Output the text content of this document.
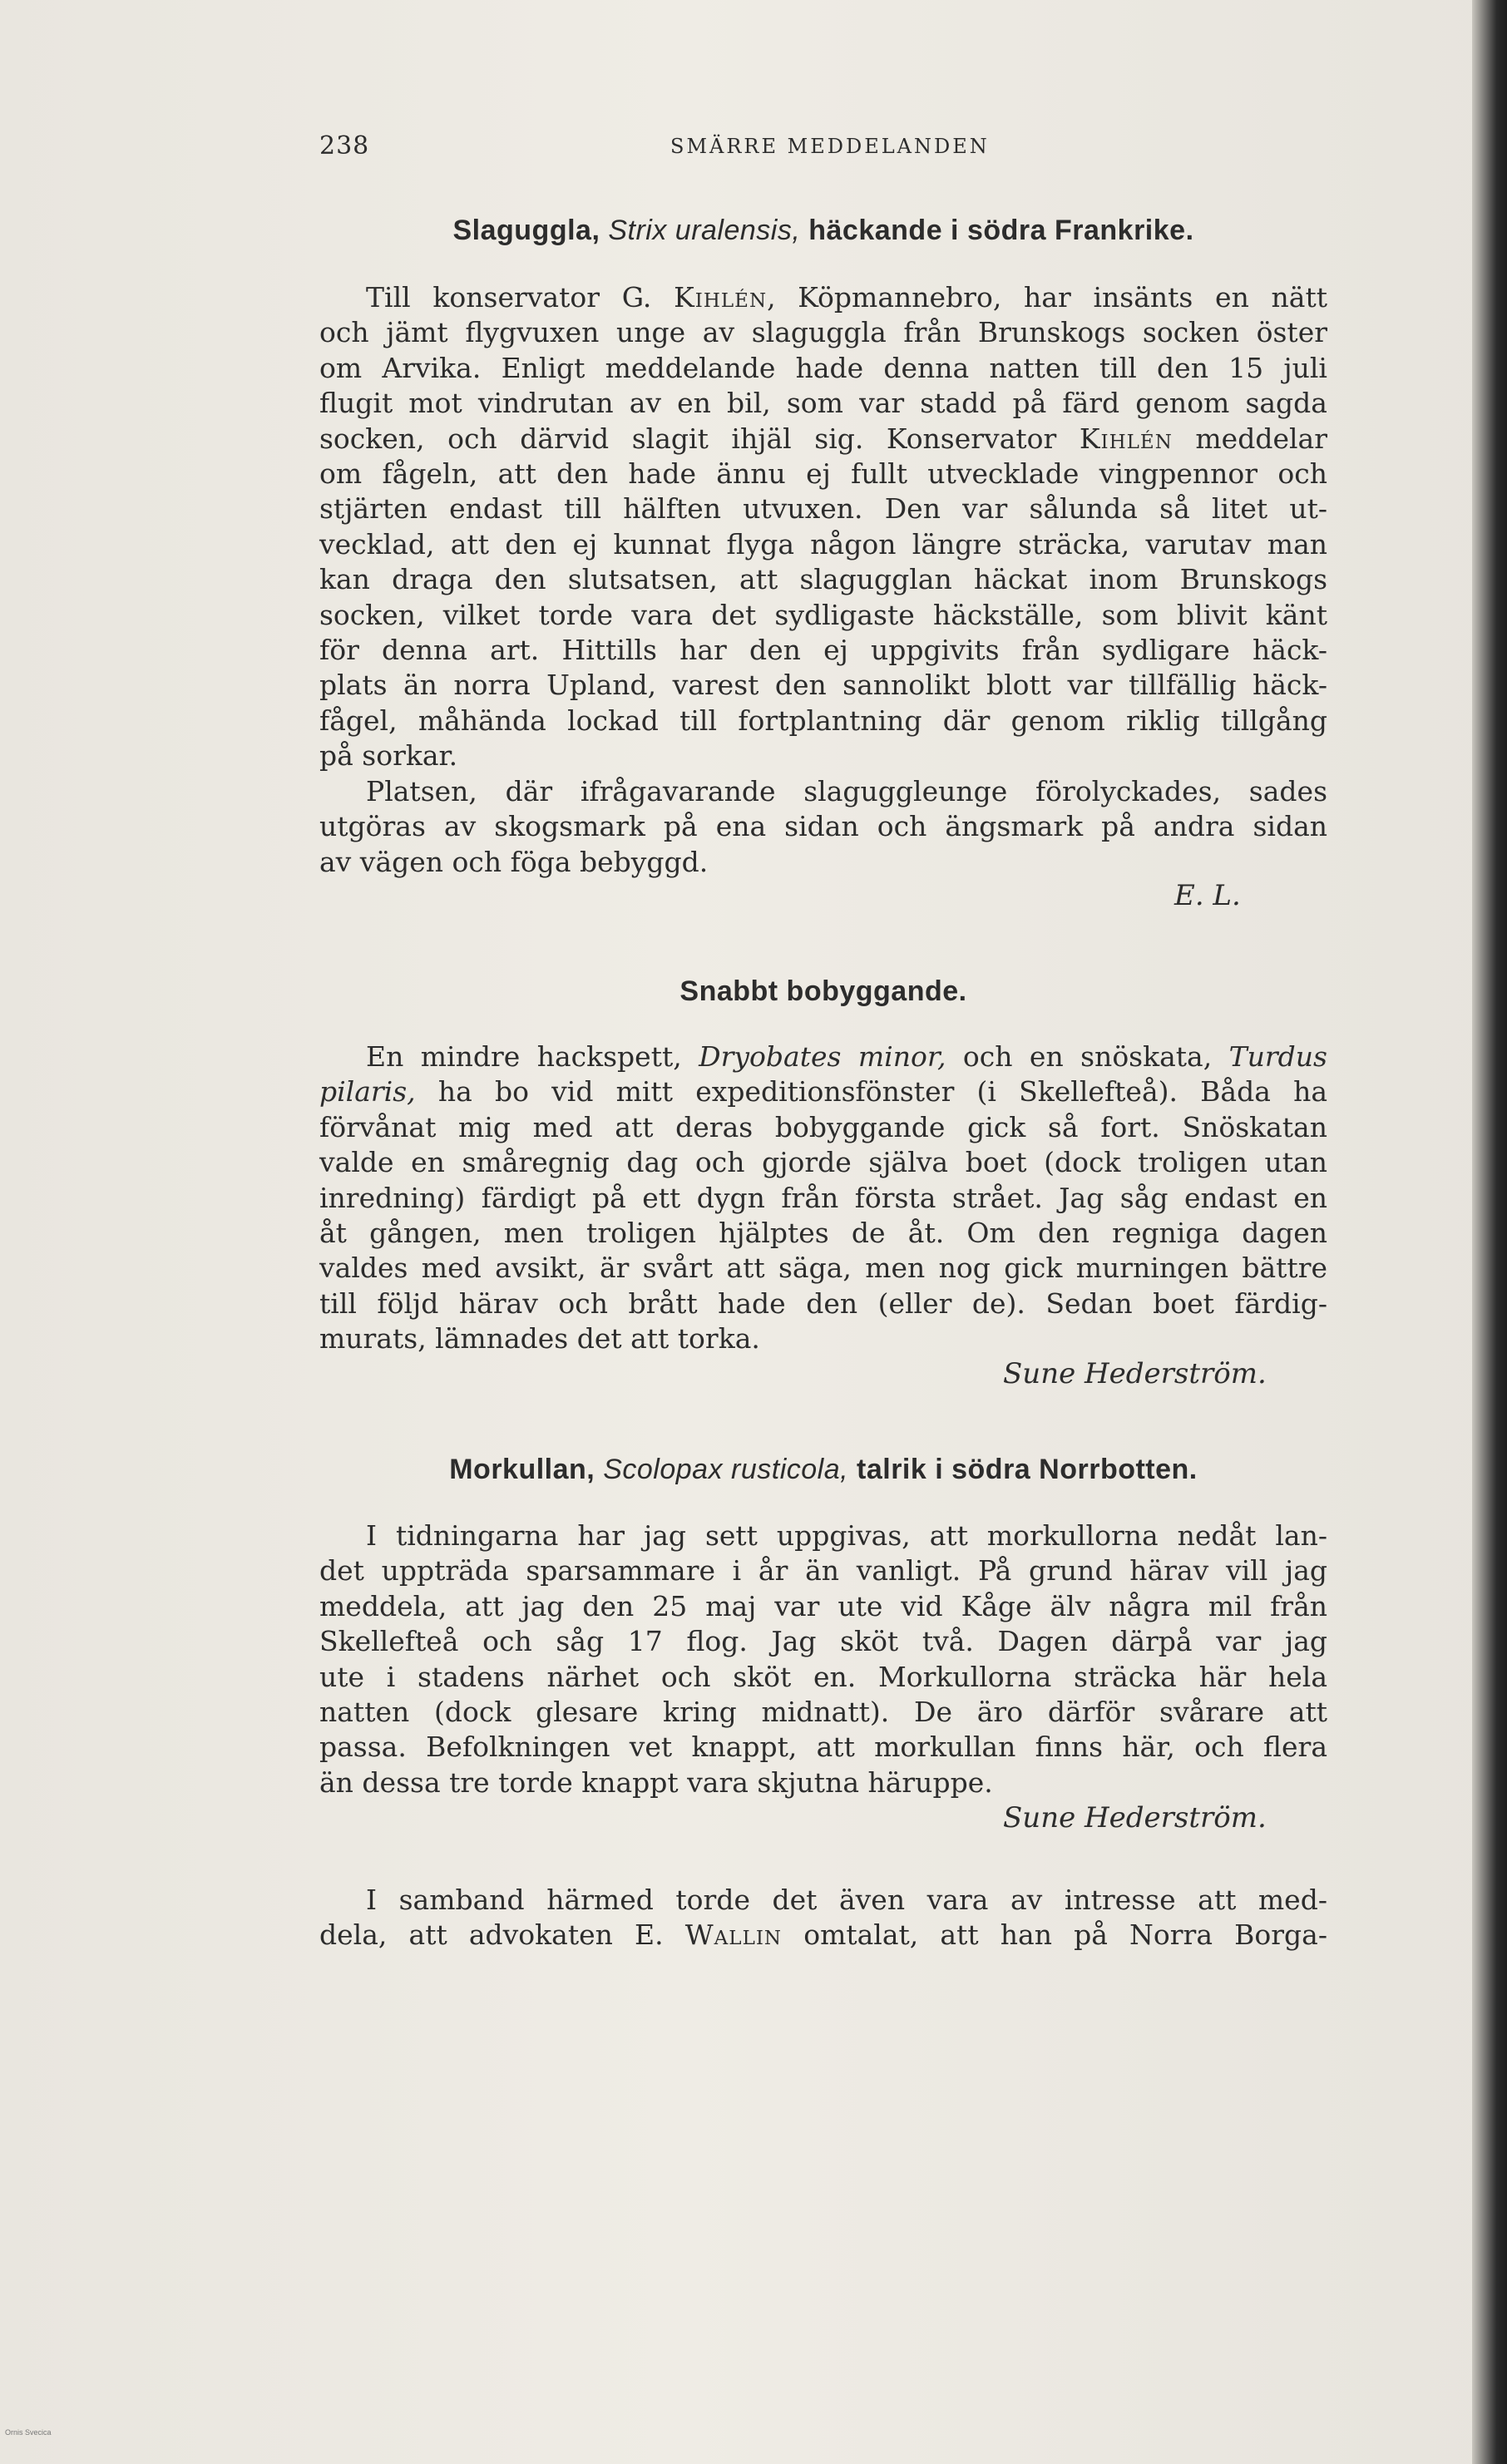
238	SMÄRRE MEDDELANDEN
Slaguggla, Strix uralensis, häckande i södra Frankrike.
Till konservator G. Kihlén, Köpmannebro, har insänts en nätt
och jämt flygvuxen unge av slaguggla från Brunskogs socken öster
om Arvika. Enligt meddelande hade denna natten till den 15 juli
flugit mot vindrutan av en bil, som var stadd på färd genom sagda
socken, och därvid slagit ihjäl sig. Konservator Kihlén meddelar
om fågeln, att den hade ännu ej fullt utvecklade vingpennor och
stjärten endast till hälften utvuxen. Den var sålunda så litet ut-
vecklad, att den ej kunnat flyga någon längre sträcka, varutav man
kan draga den slutsatsen, att slagugglan häckat inom Brunskogs
socken, vilket torde vara det sydligaste häckställe, som blivit känt
för denna art. Hittills har den ej uppgivits från sydligare häck-
plats än norra Upland, varest den sannolikt blott var tillfällig häck-
fågel, måhända lockad till fortplantning där genom riklig tillgång
på sorkar.
Platsen, där ifrågavarande slaguggleunge förolyckades, sades
utgöras av skogsmark på ena sidan och ängsmark på andra sidan
av vägen och föga bebyggd.
E. L.
Snabbt bobyggande.
En mindre hackspett, Dryobates minor, och en snöskata, Turdus
pilaris, ha bo vid mitt expeditionsfönster (i Skellefteå). Båda ha
förvånat mig med att deras bobyggande gick så fort. Snöskatan
valde en småregnig dag och gjorde själva boet (dock troligen utan
inredning) färdigt på ett dygn från första strået. Jag såg endast en
åt gången, men troligen hjälptes de åt. Om den regniga dagen
valdes med avsikt, är svårt att säga, men nog gick murningen bättre
till följd härav och brått hade den (eller de). Sedan boet färdig-
murats, lämnades det att torka.
Sune Hederström.
Morkullan, Scolopax rusticola, talrik i södra Norrbotten.
I tidningarna har jag sett uppgivas, att morkullorna nedåt lan-
det uppträda sparsammare i år än vanligt. På grund härav vill jag
meddela, att jag den 25 maj var ute vid Kåge älv några mil från
Skellefteå och såg 17 flog. Jag sköt två. Dagen därpå var jag
ute i stadens närhet och sköt en. Morkullorna sträcka här hela
natten (dock glesare kring midnatt). De äro därför svårare att
passa. Befolkningen vet knappt, att morkullan finns här, och flera
än dessa tre torde knappt vara skjutna häruppe.
Sune Hederström.
I samband härmed torde det även vara av intresse att med-
dela, att advokaten E. Wallin omtalat, att han på Norra Borga-
Ornis Svecica
